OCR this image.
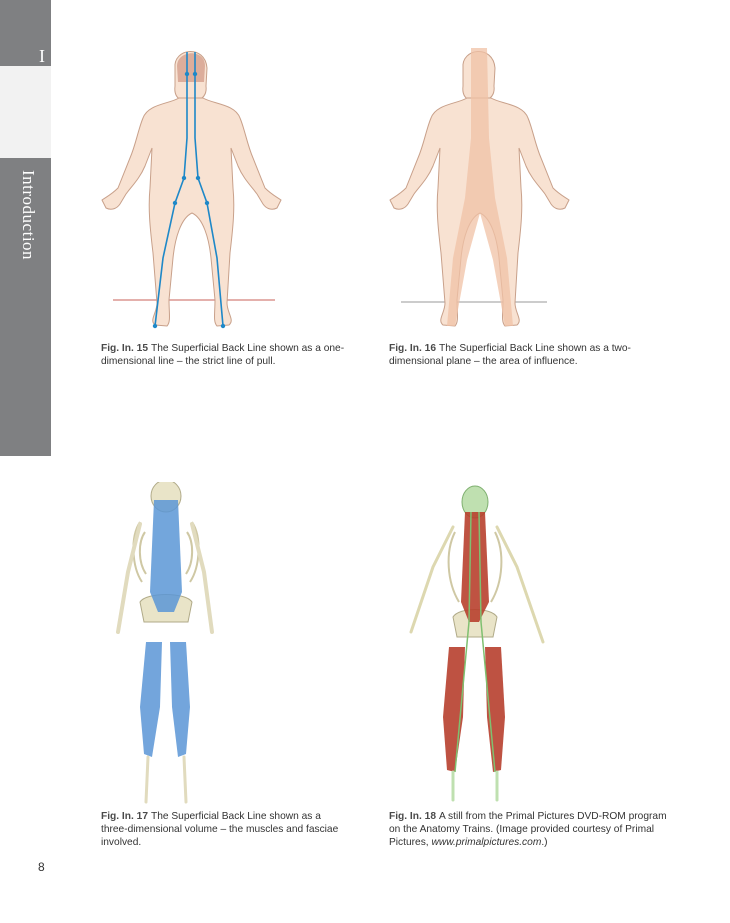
I
Introduction
Fig. In. 15 The Superficial Back Line shown as a one-dimensional line – the strict line of pull.
Fig. In. 16 The Superficial Back Line shown as a two-dimensional plane – the area of influence.
Fig. In. 17 The Superficial Back Line shown as a three-dimensional volume – the muscles and fasciae involved.
Fig. In. 18 A still from the Primal Pictures DVD-ROM program on the Anatomy Trains. (Image provided courtesy of Primal Pictures, www.primalpictures.com.)
8
